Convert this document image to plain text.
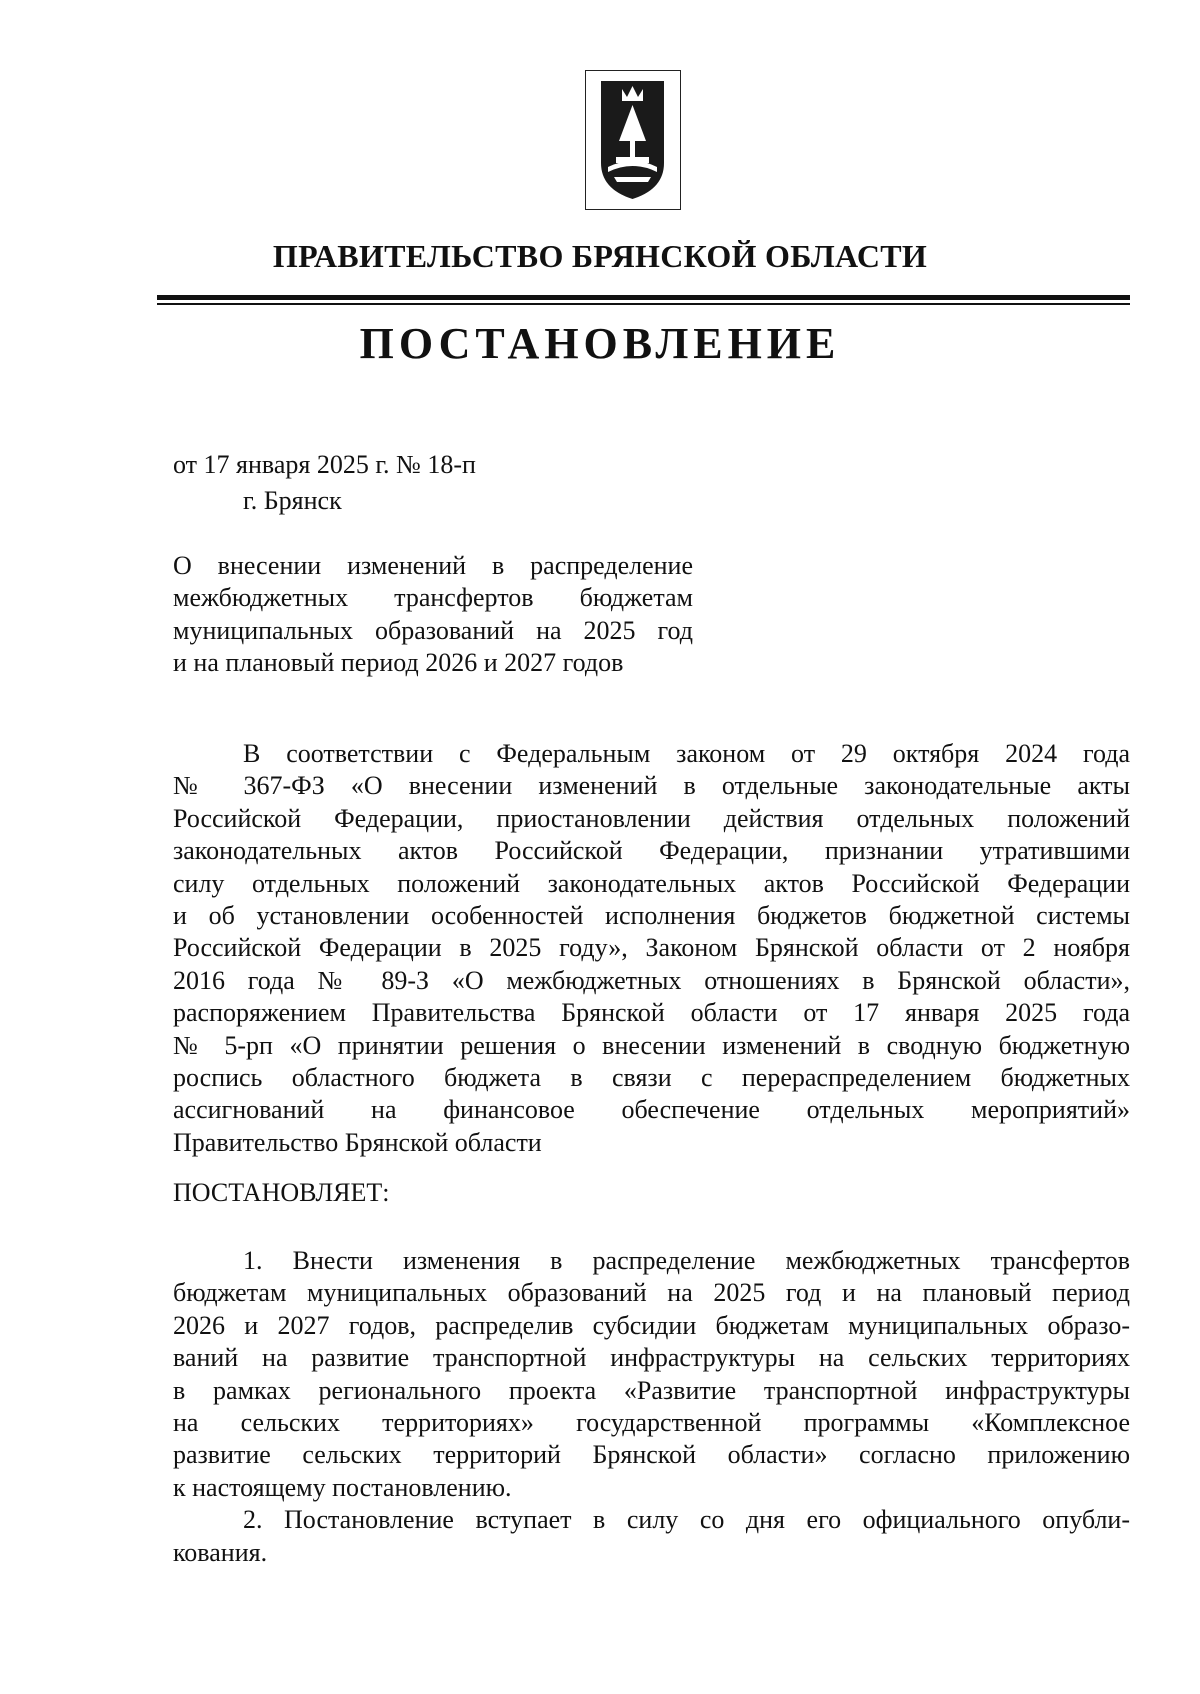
ПРАВИТЕЛЬСТВО БРЯНСКОЙ ОБЛАСТИ
ПОСТАНОВЛЕНИЕ

от 17 января 2025 г. № 18-п

г. Брянск

О внесении изменений в распределение
межбюджетных трансфертов бюджетам
муниципальных образований на 2025 год
и на плановый период 2026 и 2027 годов
В соответствии с Федеральным законом от 29 октября 2024 года
№ 367-ФЗ «О внесении изменений в отдельные законодательные акты
Российской Федерации, приостановлении действия отдельных положений
законодательных актов Российской Федерации, признании утратившими
силу отдельных положений законодательных актов Российской Федерации
и об установлении особенностей исполнения бюджетов бюджетной системы
Российской Федерации в 2025 году», Законом Брянской области от 2 ноября
2016 года № 89-З «О межбюджетных отношениях в Брянской области»,
распоряжением Правительства Брянской области от 17 января 2025 года
№ 5-рп «О принятии решения о внесении изменений в сводную бюджетную
роспись областного бюджета в связи с перераспределением бюджетных
ассигнований на финансовое обеспечение отдельных мероприятий»
Правительство Брянской области
ПОСТАНОВЛЯЕТ:
1. Внести изменения в распределение межбюджетных трансфертов
бюджетам муниципальных образований на 2025 год и на плановый период
2026 и 2027 годов, распределив субсидии бюджетам муниципальных образо-
ваний на развитие транспортной инфраструктуры на сельских территориях
в рамках регионального проекта «Развитие транспортной инфраструктуры
на сельских территориях» государственной программы «Комплексное
развитие сельских территорий Брянской области» согласно приложению
к настоящему постановлению.
2. Постановление вступает в силу со дня его официального опубли-
кования.
